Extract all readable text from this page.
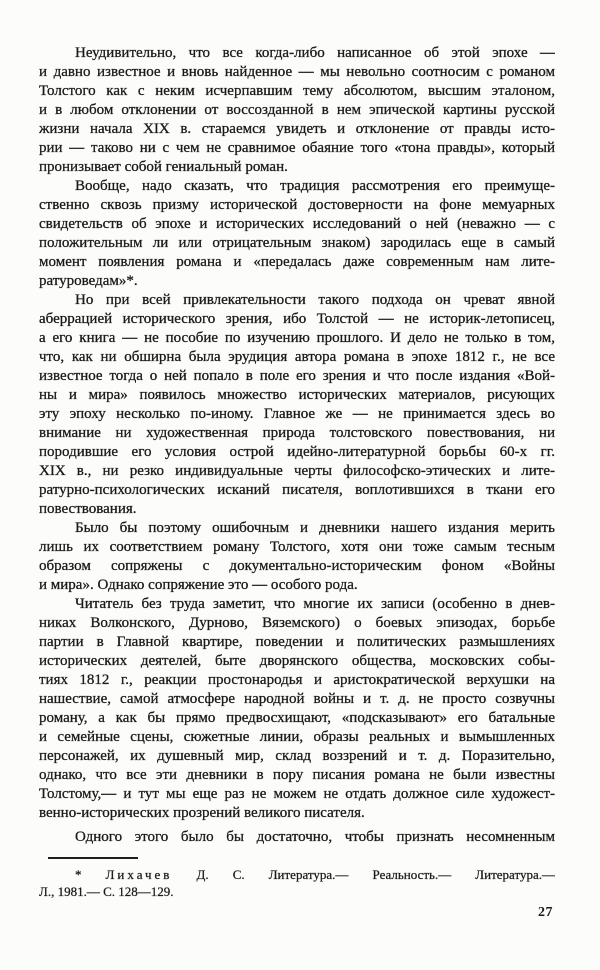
Неудивительно, что все когда-либо написанное об этой эпохе —
и давно известное и вновь найденное — мы невольно соотносим с романом
Толстого как с неким исчерпавшим тему абсолютом, высшим эталоном,
и в любом отклонении от воссозданной в нем эпической картины русской
жизни начала XIX в. стараемся увидеть и отклонение от правды исто-
рии — таково ни с чем не сравнимое обаяние того «тона правды», который
пронизывает собой гениальный роман.
Вообще, надо сказать, что традиция рассмотрения его преимуще-
ственно сквозь призму исторической достоверности на фоне мемуарных
свидетельств об эпохе и исторических исследований о ней (неважно — с
положительным ли или отрицательным знаком) зародилась еще в самый
момент появления романа и «передалась даже современным нам лите-
ратуроведам»*.
Но при всей привлекательности такого подхода он чреват явной
аберрацией исторического зрения, ибо Толстой — не историк-летописец,
а его книга — не пособие по изучению прошлого. И дело не только в том,
что, как ни обширна была эрудиция автора романа в эпохе 1812 г., не все
известное тогда о ней попало в поле его зрения и что после издания «Вой-
ны и мира» появилось множество исторических материалов, рисующих
эту эпоху несколько по-иному. Главное же — не принимается здесь во
внимание ни художественная природа толстовского повествования, ни
породившие его условия острой идейно-литературной борьбы 60-х гг.
XIX в., ни резко индивидуальные черты философско-этических и лите-
ратурно-психологических исканий писателя, воплотившихся в ткани его
повествования.
Было бы поэтому ошибочным и дневники нашего издания мерить
лишь их соответствием роману Толстого, хотя они тоже самым тесным
образом сопряжены с документально-историческим фоном «Войны
и мира». Однако сопряжение это — особого рода.
Читатель без труда заметит, что многие их записи (особенно в днев-
никах Волконского, Дурново, Вяземского) о боевых эпизодах, борьбе
партии в Главной квартире, поведении и политических размышлениях
исторических деятелей, быте дворянского общества, московских собы-
тиях 1812 г., реакции простонародья и аристократической верхушки на
нашествие, самой атмосфере народной войны и т. д. не просто созвучны
роману, а как бы прямо предвосхищают, «подсказывают» его батальные
и семейные сцены, сюжетные линии, образы реальных и вымышленных
персонажей, их душевный мир, склад воззрений и т. д. Поразительно,
однако, что все эти дневники в пору писания романа не были известны
Толстому,— и тут мы еще раз не можем не отдать должное силе художест-
венно-исторических прозрений великого писателя.
Одного этого было бы достаточно, чтобы признать несомненным
* Лихачев Д. С. Литература.— Реальность.— Литература.—
Л., 1981.— С. 128—129.
27
